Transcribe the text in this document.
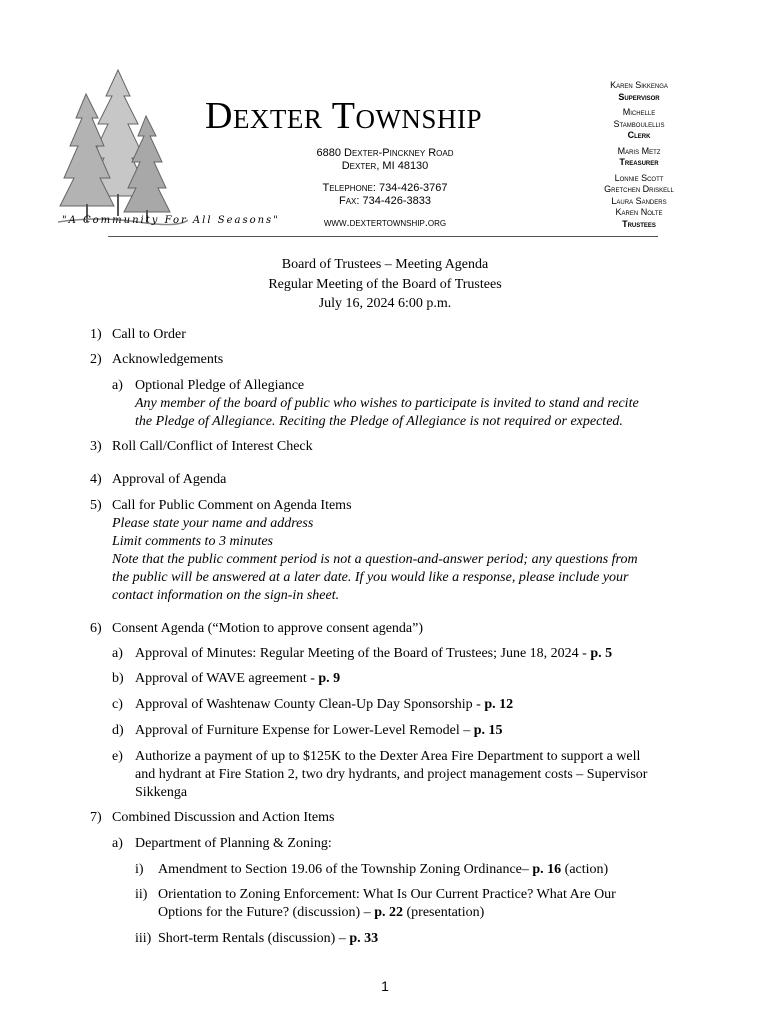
Dexter Township
6880 Dexter-Pinckney Road
Dexter, MI 48130
Telephone: 734-426-3767
Fax: 734-426-3833
www.dextertownship.org
"A Community For All Seasons"
Karen Sikkenga
Supervisor
Michelle
Stamboulellis
Clerk
Maris Metz
Treasurer
Lonnie Scott
Gretchen Driskell
Laura Sanders
Karen Nolte
Trustees
Board of Trustees – Meeting Agenda
Regular Meeting of the Board of Trustees
July 16, 2024 6:00 p.m.
1) Call to Order
2) Acknowledgements
a) Optional Pledge of Allegiance
Any member of the board of public who wishes to participate is invited to stand and recite
the Pledge of Allegiance. Reciting the Pledge of Allegiance is not required or expected.
3) Roll Call/Conflict of Interest Check
4) Approval of Agenda
5) Call for Public Comment on Agenda Items
Please state your name and address
Limit comments to 3 minutes
Note that the public comment period is not a question-and-answer period; any questions from
the public will be answered at a later date. If you would like a response, please include your
contact information on the sign-in sheet.
6) Consent Agenda (“Motion to approve consent agenda”)
a) Approval of Minutes: Regular Meeting of the Board of Trustees; June 18, 2024 - p. 5
b) Approval of WAVE agreement - p. 9
c) Approval of Washtenaw County Clean-Up Day Sponsorship - p. 12
d) Approval of Furniture Expense for Lower-Level Remodel – p. 15
e) Authorize a payment of up to $125K to the Dexter Area Fire Department to support a well
and hydrant at Fire Station 2, two dry hydrants, and project management costs – Supervisor
Sikkenga
7) Combined Discussion and Action Items
a) Department of Planning & Zoning:
i) Amendment to Section 19.06 of the Township Zoning Ordinance– p. 16 (action)
ii) Orientation to Zoning Enforcement: What Is Our Current Practice? What Are Our
Options for the Future? (discussion) – p. 22 (presentation)
iii) Short-term Rentals (discussion) – p. 33
1
